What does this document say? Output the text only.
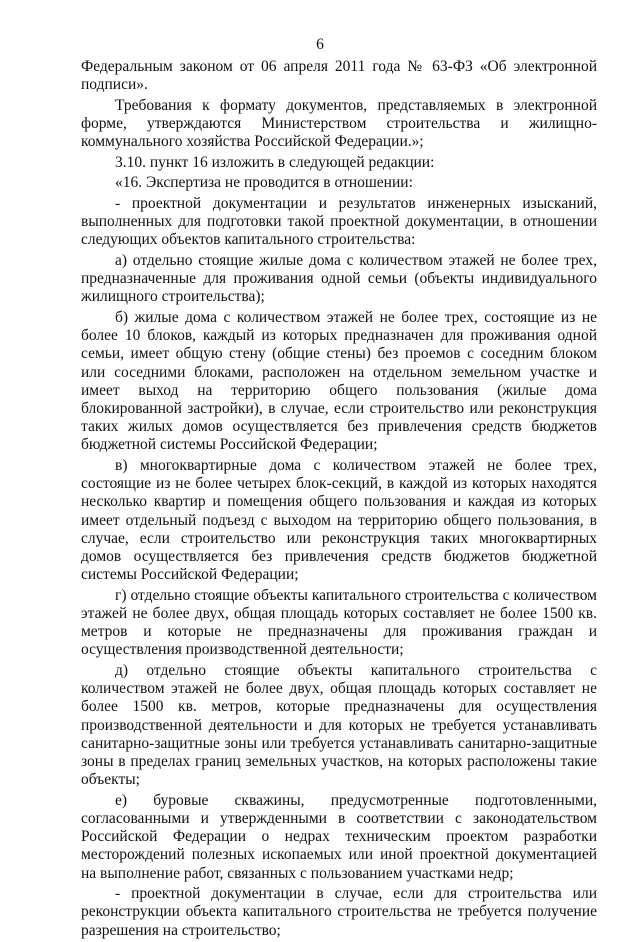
6

Федеральным законом от 06 апреля 2011 года № 63-ФЗ «Об электронной подписи».

Требования к формату документов, представляемых в электронной форме, утверждаются Министерством строительства и жилищно-коммунального хозяйства Российской Федерации.»;

3.10. пункт 16 изложить в следующей редакции:

«16. Экспертиза не проводится в отношении:

- проектной документации и результатов инженерных изысканий, выполненных для подготовки такой проектной документации, в отношении следующих объектов капитального строительства:

а) отдельно стоящие жилые дома с количеством этажей не более трех, предназначенные для проживания одной семьи (объекты индивидуального жилищного строительства);

б) жилые дома с количеством этажей не более трех, состоящие из не более 10 блоков, каждый из которых предназначен для проживания одной семьи, имеет общую стену (общие стены) без проемов с соседним блоком или соседними блоками, расположен на отдельном земельном участке и имеет выход на территорию общего пользования (жилые дома блокированной застройки), в случае, если строительство или реконструкция таких жилых домов осуществляется без привлечения средств бюджетов бюджетной системы Российской Федерации;

в) многоквартирные дома с количеством этажей не более трех, состоящие из не более четырех блок-секций, в каждой из которых находятся несколько квартир и помещения общего пользования и каждая из которых имеет отдельный подъезд с выходом на территорию общего пользования, в случае, если строительство или реконструкция таких многоквартирных домов осуществляется без привлечения средств бюджетов бюджетной системы Российской Федерации;

г) отдельно стоящие объекты капитального строительства с количеством этажей не более двух, общая площадь которых составляет не более 1500 кв. метров и которые не предназначены для проживания граждан и осуществления производственной деятельности;

д) отдельно стоящие объекты капитального строительства с количеством этажей не более двух, общая площадь которых составляет не более 1500 кв. метров, которые предназначены для осуществления производственной деятельности и для которых не требуется устанавливать санитарно-защитные зоны или требуется устанавливать санитарно-защитные зоны в пределах границ земельных участков, на которых расположены такие объекты;

е) буровые скважины, предусмотренные подготовленными, согласованными и утвержденными в соответствии с законодательством Российской Федерации о недрах техническим проектом разработки месторождений полезных ископаемых или иной проектной документацией на выполнение работ, связанных с пользованием участками недр;

- проектной документации в случае, если для строительства или реконструкции объекта капитального строительства не требуется получение разрешения на строительство;
